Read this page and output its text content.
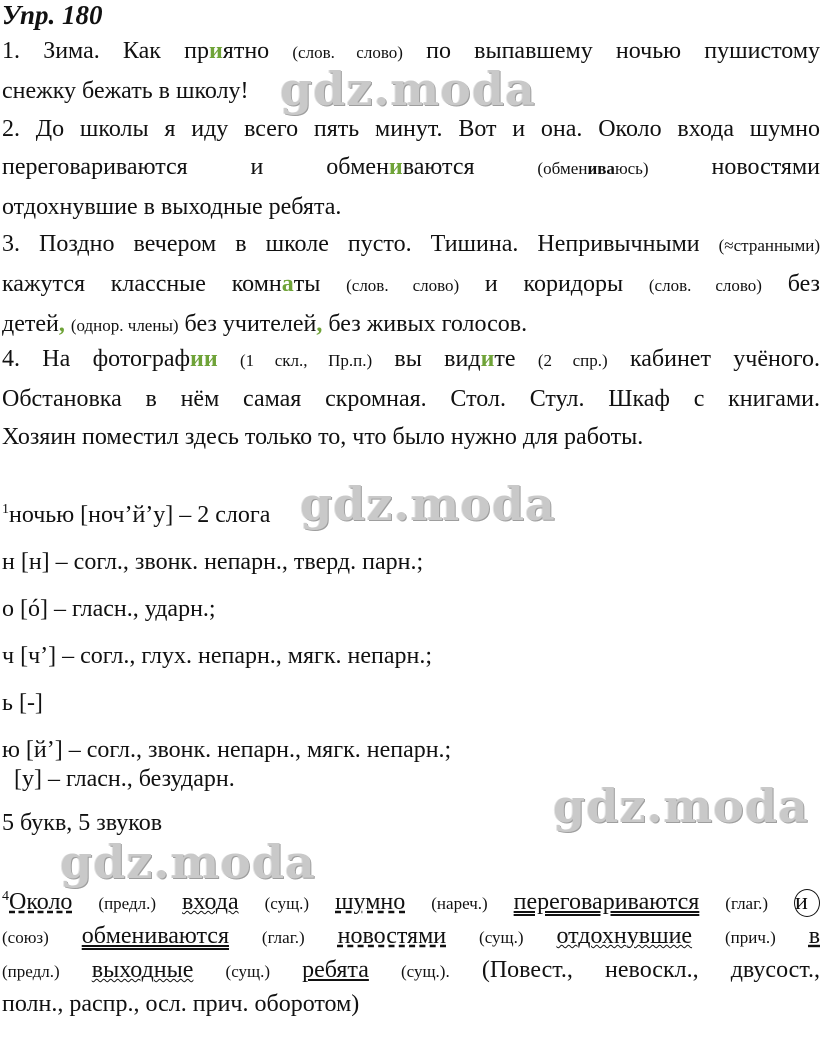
Упр. 180
1. Зима. Как приятно (слов. слово) по выпавшему ночью пушистому
снежку бежать в школу!
2. До школы я иду всего пять минут. Вот и она. Около входа шумно
переговариваются и обмениваются	(обмениваюсь)	новостями
отдохнувшие в выходные ребята.
3. Поздно вечером в школе пусто. Тишина. Непривычными (≈странными)
кажутся классные комнаты (слов. слово) и коридоры (слов. слово) без
детей, (однор. члены) без учителей, без живых голосов.
4. На фотографии (1 скл., Пр.п.) вы видите (2 спр.) кабинет учёного.
Обстановка в нём самая скромная. Стол. Стул. Шкаф с книгами.
Хозяин поместил здесь только то, что было нужно для работы.
$^1$ночью [ноч’й’у] – 2 слога
н [н] – согл., звонк. непарн., тверд. парн.;
о [ó] – гласн., ударн.;
ч [ч’] – согл., глух. непарн., мягк. непарн.;
ь [-]
ю [й’] – согл., звонк. непарн., мягк. непарн.;
[у] – гласн., безударн.
5 букв, 5 звуков
$^4$Около (предл.) входа (сущ.) шумно (нареч.) переговариваются (глаг.) и
(союз) обмениваются (глаг.) новостями (сущ.) отдохнувшие (прич.) в
(предл.) выходные (сущ.) ребята (сущ.). (Повест., невоскл., двусост.,
полн., распр., осл. прич. оборотом)
gdz.moda
gdz.moda
gdz.moda
gdz.moda
